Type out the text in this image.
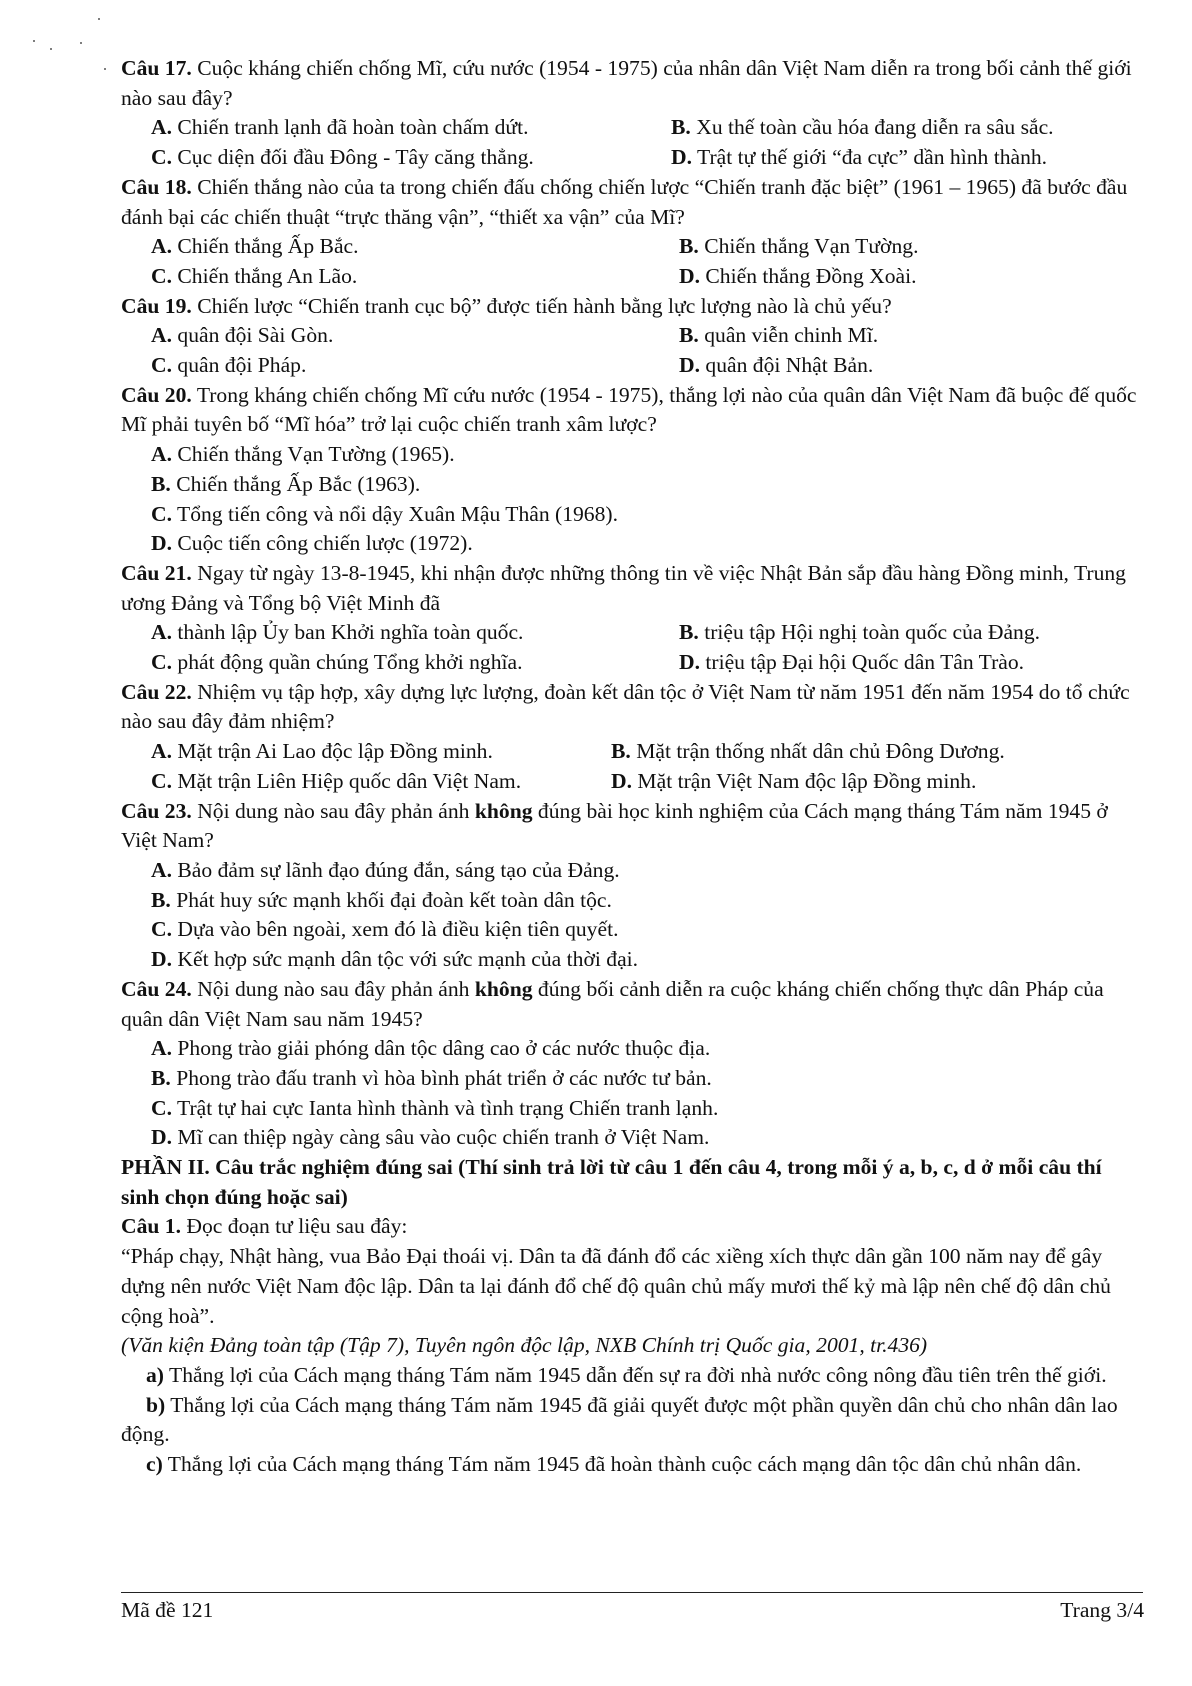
Câu 17. Cuộc kháng chiến chống Mĩ, cứu nước (1954 - 1975) của nhân dân Việt Nam diễn ra trong bối cảnh thế giới nào sau đây?

A. Chiến tranh lạnh đã hoàn toàn chấm dứt.	B. Xu thế toàn cầu hóa đang diễn ra sâu sắc.
C. Cục diện đối đầu Đông - Tây căng thẳng.	D. Trật tự thế giới “đa cực” dần hình thành.

Câu 18. Chiến thắng nào của ta trong chiến đấu chống chiến lược “Chiến tranh đặc biệt” (1961 – 1965) đã bước đầu đánh bại các chiến thuật “trực thăng vận”, “thiết xa vận” của Mĩ?

A. Chiến thắng Ấp Bắc.	B. Chiến thắng Vạn Tường.
C. Chiến thắng An Lão.	D. Chiến thắng Đồng Xoài.

Câu 19. Chiến lược “Chiến tranh cục bộ” được tiến hành bằng lực lượng nào là chủ yếu?

A. quân đội Sài Gòn.	B. quân viễn chinh Mĩ.
C. quân đội Pháp.	D. quân đội Nhật Bản.

Câu 20. Trong kháng chiến chống Mĩ cứu nước (1954 - 1975), thắng lợi nào của quân dân Việt Nam đã buộc đế quốc Mĩ phải tuyên bố “Mĩ hóa” trở lại cuộc chiến tranh xâm lược?

A. Chiến thắng Vạn Tường (1965).
B. Chiến thắng Ấp Bắc (1963).
C. Tổng tiến công và nổi dậy Xuân Mậu Thân (1968).
D. Cuộc tiến công chiến lược (1972).

Câu 21. Ngay từ ngày 13-8-1945, khi nhận được những thông tin về việc Nhật Bản sắp đầu hàng Đồng minh, Trung ương Đảng và Tổng bộ Việt Minh đã

A. thành lập Ủy ban Khởi nghĩa toàn quốc.	B. triệu tập Hội nghị toàn quốc của Đảng.
C. phát động quần chúng Tổng khởi nghĩa.	D. triệu tập Đại hội Quốc dân Tân Trào.

Câu 22. Nhiệm vụ tập hợp, xây dựng lực lượng, đoàn kết dân tộc ở Việt Nam từ năm 1951 đến năm 1954 do tổ chức nào sau đây đảm nhiệm?

A. Mặt trận Ai Lao độc lập Đồng minh.	B. Mặt trận thống nhất dân chủ Đông Dương.
C. Mặt trận Liên Hiệp quốc dân Việt Nam.	D. Mặt trận Việt Nam độc lập Đồng minh.

Câu 23. Nội dung nào sau đây phản ánh không đúng bài học kinh nghiệm của Cách mạng tháng Tám năm 1945 ở Việt Nam?

A. Bảo đảm sự lãnh đạo đúng đắn, sáng tạo của Đảng.
B. Phát huy sức mạnh khối đại đoàn kết toàn dân tộc.
C. Dựa vào bên ngoài, xem đó là điều kiện tiên quyết.
D. Kết hợp sức mạnh dân tộc với sức mạnh của thời đại.

Câu 24. Nội dung nào sau đây phản ánh không đúng bối cảnh diễn ra cuộc kháng chiến chống thực dân Pháp của quân dân Việt Nam sau năm 1945?

A. Phong trào giải phóng dân tộc dâng cao ở các nước thuộc địa.
B. Phong trào đấu tranh vì hòa bình phát triển ở các nước tư bản.
C. Trật tự hai cực Ianta hình thành và tình trạng Chiến tranh lạnh.
D. Mĩ can thiệp ngày càng sâu vào cuộc chiến tranh ở Việt Nam.

PHẦN II. Câu trắc nghiệm đúng sai (Thí sinh trả lời từ câu 1 đến câu 4, trong mỗi ý a, b, c, d ở mỗi câu thí sinh chọn đúng hoặc sai)

Câu 1. Đọc đoạn tư liệu sau đây:

“Pháp chạy, Nhật hàng, vua Bảo Đại thoái vị. Dân ta đã đánh đổ các xiềng xích thực dân gần 100 năm nay để gây dựng nên nước Việt Nam độc lập. Dân ta lại đánh đổ chế độ quân chủ mấy mươi thế kỷ mà lập nên chế độ dân chủ cộng hoà”.

(Văn kiện Đảng toàn tập (Tập 7), Tuyên ngôn độc lập, NXB Chính trị Quốc gia, 2001, tr.436)

a) Thắng lợi của Cách mạng tháng Tám năm 1945 dẫn đến sự ra đời nhà nước công nông đầu tiên trên thế giới.

b) Thắng lợi của Cách mạng tháng Tám năm 1945 đã giải quyết được một phần quyền dân chủ cho nhân dân lao động.

c) Thắng lợi của Cách mạng tháng Tám năm 1945 đã hoàn thành cuộc cách mạng dân tộc dân chủ nhân dân.

Mã đề 121	Trang 3/4
